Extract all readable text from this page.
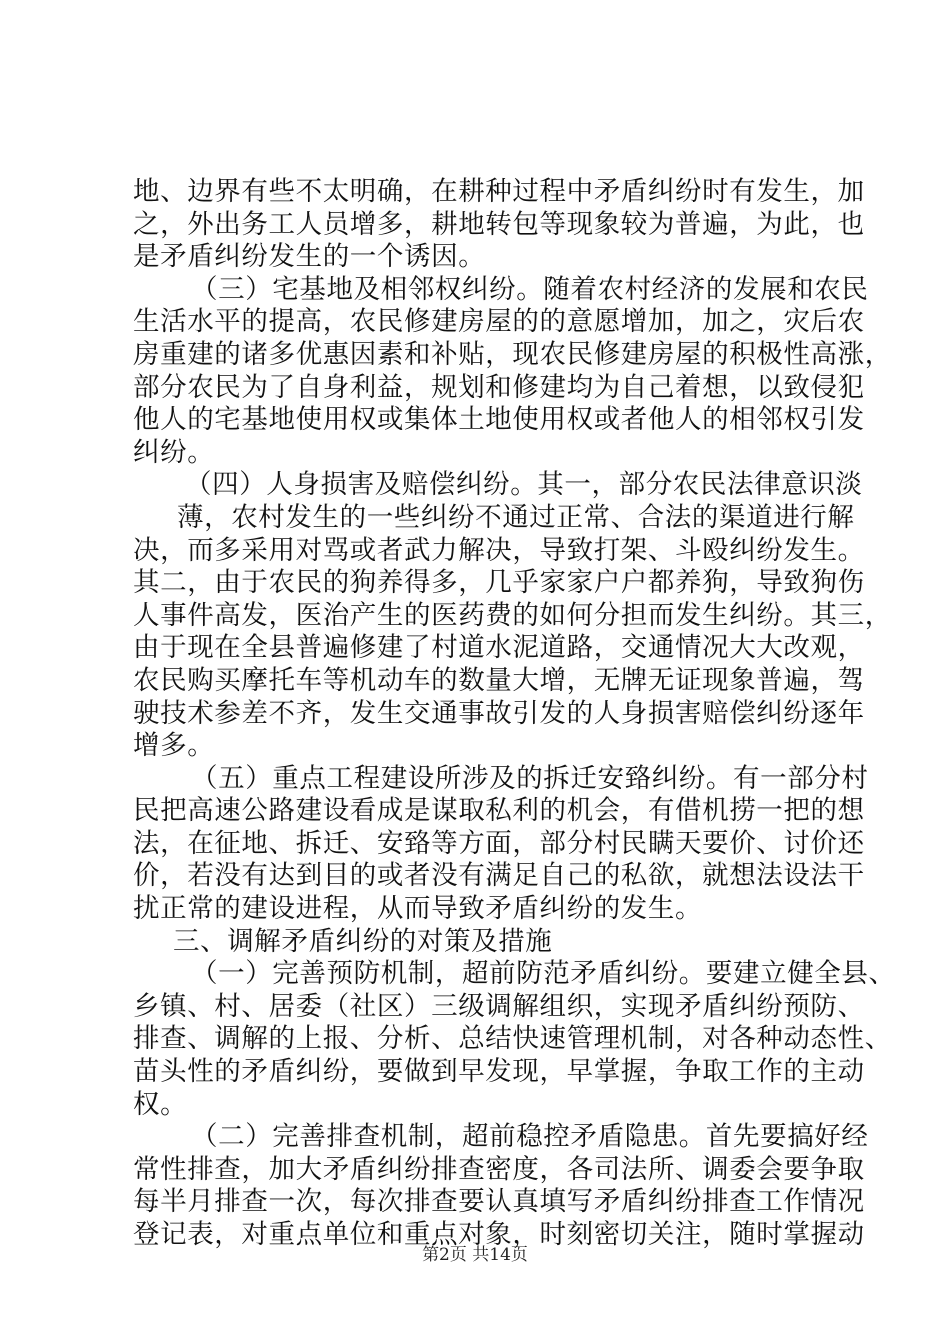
地、边界有些不太明确，在耕种过程中矛盾纠纷时有发生，加
之，外出务工人员增多，耕地转包等现象较为普遍，为此，也
是矛盾纠纷发生的一个诱因。
（三）宅基地及相邻权纠纷。随着农村经济的发展和农民
生活水平的提高，农民修建房屋的的意愿增加，加之，灾后农
房重建的诸多优惠因素和补贴，现农民修建房屋的积极性高涨，
部分农民为了自身利益，规划和修建均为自己着想，以致侵犯
他人的宅基地使用权或集体土地使用权或者他人的相邻权引发
纠纷。
（四）人身损害及赔偿纠纷。其一，部分农民法律意识淡
薄，农村发生的一些纠纷不通过正常、合法的渠道进行解
决，而多采用对骂或者武力解决，导致打架、斗殴纠纷发生。
其二，由于农民的狗养得多，几乎家家户户都养狗，导致狗伤
人事件高发，医治产生的医药费的如何分担而发生纠纷。其三，
由于现在全县普遍修建了村道水泥道路，交通情况大大改观，
农民购买摩托车等机动车的数量大增，无牌无证现象普遍，驾
驶技术参差不齐，发生交通事故引发的人身损害赔偿纠纷逐年
增多。
（五）重点工程建设所涉及的拆迁安臵纠纷。有一部分村
民把高速公路建设看成是谋取私利的机会，有借机捞一把的想
法，在征地、拆迁、安臵等方面，部分村民瞒天要价、讨价还
价，若没有达到目的或者没有满足自己的私欲，就想法设法干
扰正常的建设进程，从而导致矛盾纠纷的发生。
三、调解矛盾纠纷的对策及措施
（一）完善预防机制，超前防范矛盾纠纷。要建立健全县、
乡镇、村、居委（社区）三级调解组织，实现矛盾纠纷预防、
排查、调解的上报、分析、总结快速管理机制，对各种动态性、
苗头性的矛盾纠纷，要做到早发现，早掌握，争取工作的主动
权。
（二）完善排查机制，超前稳控矛盾隐患。首先要搞好经
常性排查，加大矛盾纠纷排查密度，各司法所、调委会要争取
每半月排查一次，每次排查要认真填写矛盾纠纷排查工作情况
登记表，对重点单位和重点对象，时刻密切关注，随时掌握动
第2页 共14页
